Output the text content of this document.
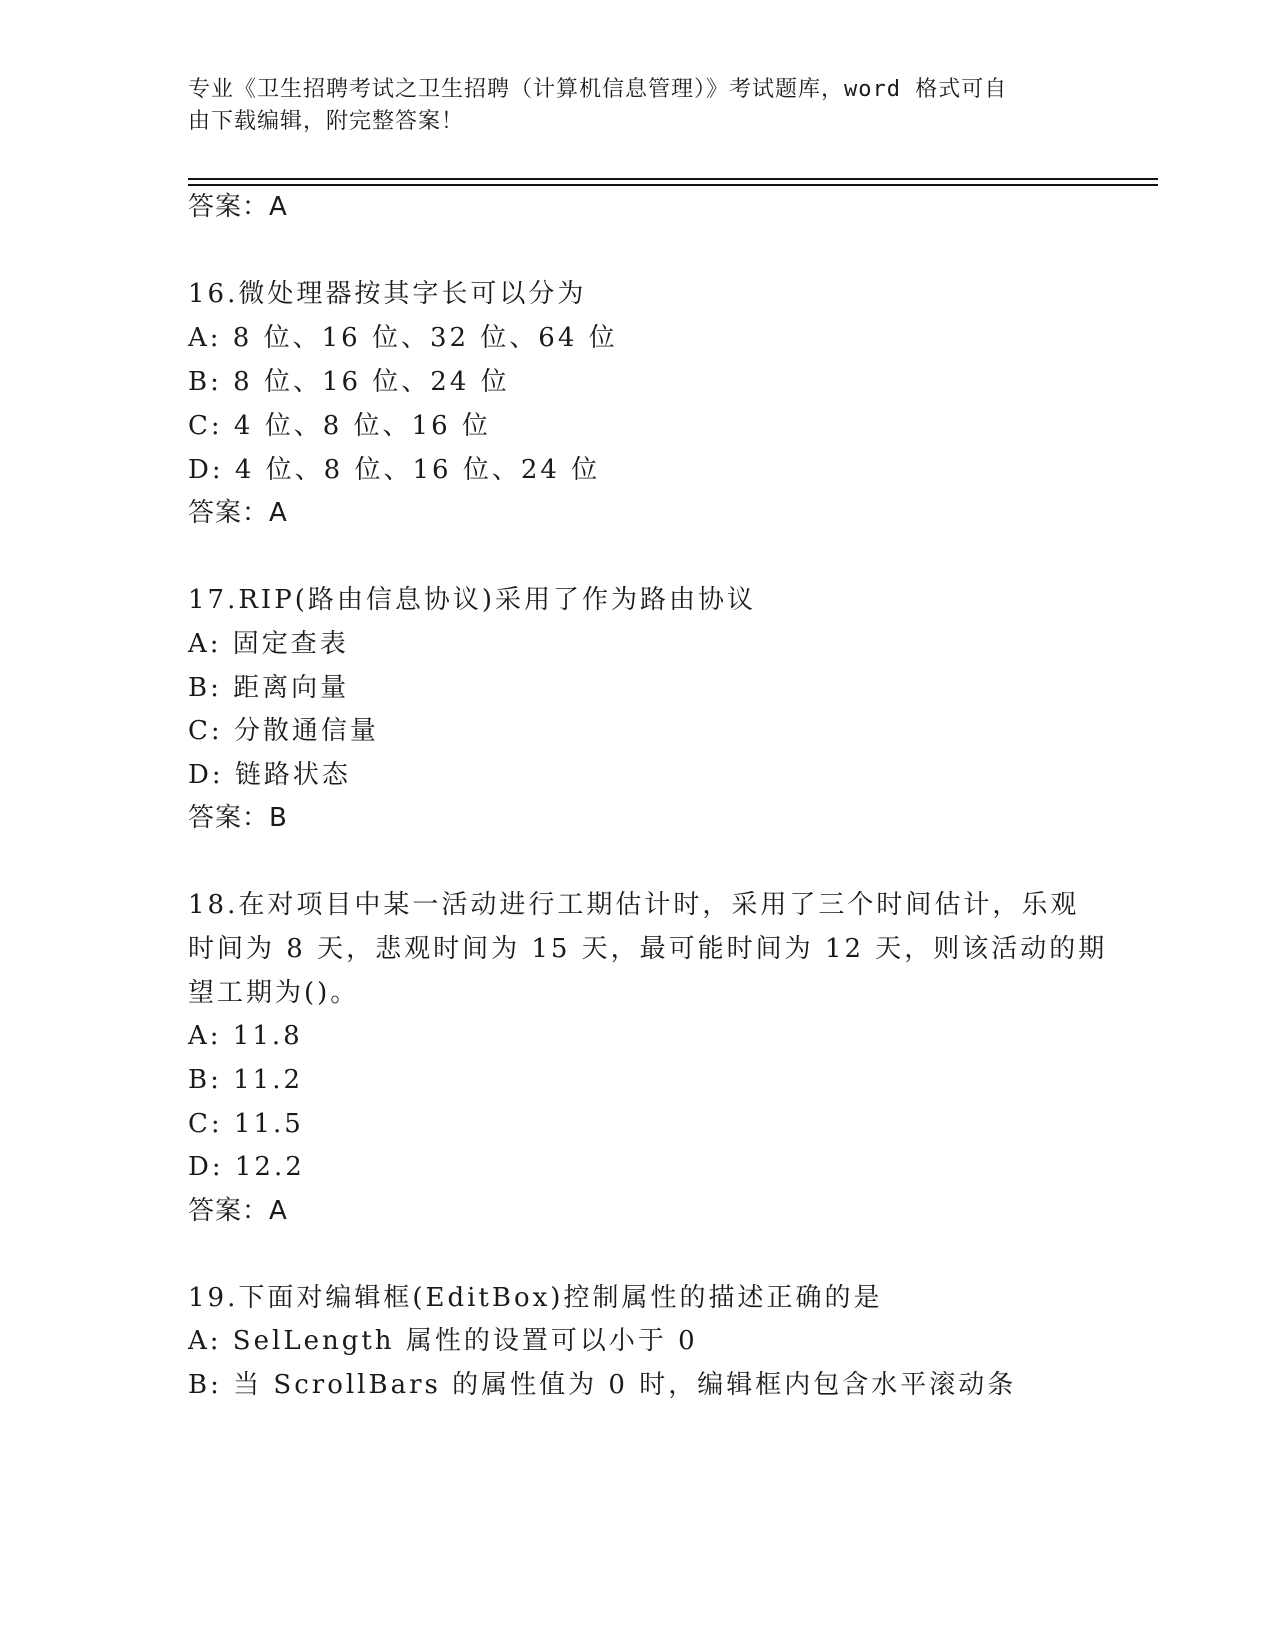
专业《卫生招聘考试之卫生招聘（计算机信息管理）》考试题库，word 格式可自
由下载编辑，附完整答案！
答案：A
16.微处理器按其字长可以分为
A: 8 位、16 位、32 位、64 位
B: 8 位、16 位、24 位
C: 4 位、8 位、16 位
D: 4 位、8 位、16 位、24 位
答案：A
17.RIP(路由信息协议)采用了作为路由协议
A: 固定查表
B: 距离向量
C: 分散通信量
D: 链路状态
答案：B
18.在对项目中某一活动进行工期估计时，采用了三个时间估计，乐观
时间为 8 天，悲观时间为 15 天，最可能时间为 12 天，则该活动的期
望工期为()。
A: 11.8
B: 11.2
C: 11.5
D: 12.2
答案：A
19.下面对编辑框(EditBox)控制属性的描述正确的是
A: SelLength 属性的设置可以小于 0
B: 当 ScrollBars 的属性值为 0 时，编辑框内包含水平滚动条
